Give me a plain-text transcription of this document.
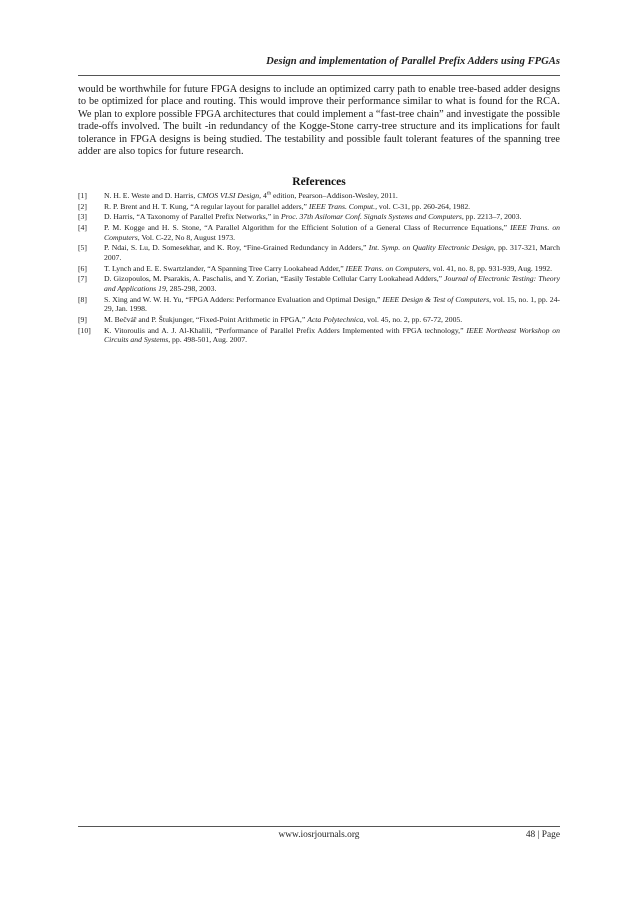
Design and implementation of Parallel Prefix Adders using FPGAs
would be worthwhile for future FPGA designs to include an optimized carry path to enable tree-based adder designs to be optimized for place and routing. This would improve their performance similar to what is found for the RCA. We plan to explore possible FPGA architectures that could implement a “fast-tree chain” and investigate the possible trade-offs involved. The built -in redundancy of the Kogge-Stone carry-tree structure and its implications for fault tolerance in FPGA designs is being studied. The testability and possible fault tolerant features of the spanning tree adder are also topics for future research.
References
[1]	N. H. E. Weste and D. Harris, CMOS VLSI Design, 4th edition, Pearson–Addison-Wesley, 2011.
[2]	R. P. Brent and H. T. Kung, “A regular layout for parallel adders,” IEEE Trans. Comput., vol. C-31, pp. 260-264, 1982.
[3]	D. Harris, “A Taxonomy of Parallel Prefix Networks,” in Proc. 37th Asilomar Conf. Signals Systems and Computers, pp. 2213–7, 2003.
[4]	P. M. Kogge and H. S. Stone, “A Parallel Algorithm for the Efficient Solution of a General Class of Recurrence Equations,” IEEE Trans. on Computers, Vol. C-22, No 8, August 1973.
[5]	P. Ndai, S. Lu, D. Somesekhar, and K. Roy, “Fine-Grained Redundancy in Adders,” Int. Symp. on Quality Electronic Design, pp. 317-321, March 2007.
[6]	T. Lynch and E. E. Swartzlander, “A Spanning Tree Carry Lookahead Adder,” IEEE Trans. on Computers, vol. 41, no. 8, pp. 931-939, Aug. 1992.
[7]	D. Gizopoulos, M. Psarakis, A. Paschalis, and Y. Zorian, “Easily Testable Cellular Carry Lookahead Adders,” Journal of Electronic Testing: Theory and Applications 19, 285-298, 2003.
[8]	S. Xing and W. W. H. Yu, “FPGA Adders: Performance Evaluation and Optimal Design,” IEEE Design & Test of Computers, vol. 15, no. 1, pp. 24-29, Jan. 1998.
[9]	M. Bečvář and P. Štukjunger, “Fixed-Point Arithmetic in FPGA,” Acta Polytechnica, vol. 45, no. 2, pp. 67-72, 2005.
[10]	K. Vitoroulis and A. J. Al-Khalili, “Performance of Parallel Prefix Adders Implemented with FPGA technology,” IEEE Northeast Workshop on Circuits and Systems, pp. 498-501, Aug. 2007.
www.iosrjournals.org	48 | Page
